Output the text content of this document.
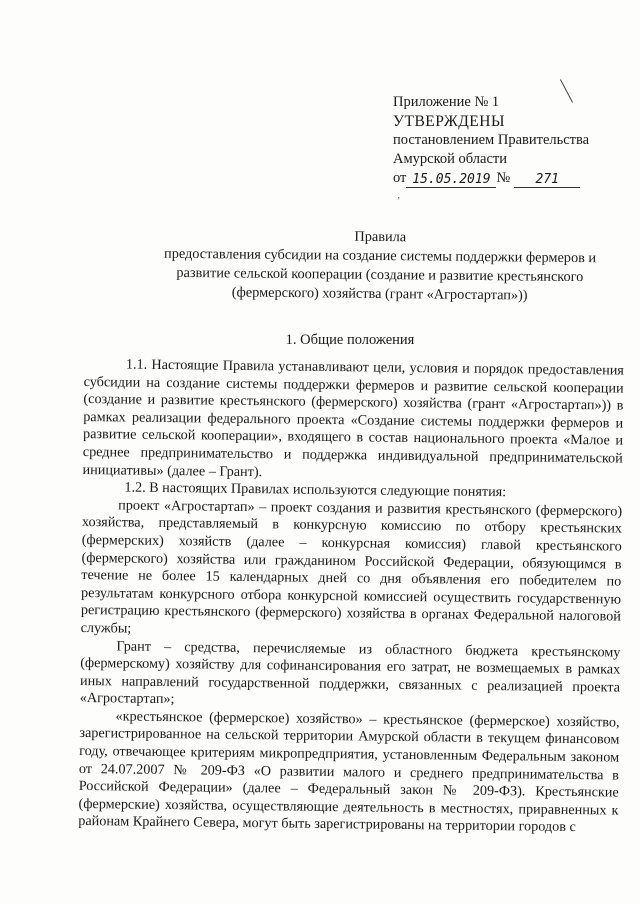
Приложение № 1
УТВЕРЖДЕНЫ
постановлением Правительства
Амурской области
от 15.05.2019 №	271
ʼ
Правила
предоставления субсидии на создание системы поддержки фермеров и
развитие сельской кооперации (создание и развитие крестьянского
(фермерского) хозяйства (грант «Агростартап»))
1. Общие положения

1.1. Настоящие Правила устанавливают цели, условия и порядок предоставления субсидии на создание системы поддержки фермеров и развитие сельской кооперации (создание и развитие крестьянского (фермерского) хозяйства (грант «Агростартап»)) в рамках реализации федерального проекта «Создание системы поддержки фермеров и развитие сельской кооперации», входящего в состав национального проекта «Малое и среднее предпринимательство и поддержка индивидуальной предпринимательской инициативы» (далее – Грант).

1.2. В настоящих Правилах используются следующие понятия:

проект «Агростартап» – проект создания и развития крестьянского (фермерского) хозяйства, представляемый в конкурсную комиссию по отбору крестьянских (фермерских) хозяйств (далее – конкурсная комиссия) главой крестьянского (фермерского) хозяйства или гражданином Российской Федерации, обязующимся в течение не более 15 календарных дней со дня объявления его победителем по результатам конкурсного отбора конкурсной комиссией осуществить государственную регистрацию крестьянского (фермерского) хозяйства в органах Федеральной налоговой службы;

Грант – средства, перечисляемые из областного бюджета крестьянскому (фермерскому) хозяйству для софинансирования его затрат, не возмещаемых в рамках иных направлений государственной поддержки, связанных с реализацией проекта «Агростартап»;

«крестьянское (фермерское) хозяйство» – крестьянское (фермерское) хозяйство, зарегистрированное на сельской территории Амурской области в текущем финансовом году, отвечающее критериям микропредприятия, установленным Федеральным законом от 24.07.2007 № 209-ФЗ «О развитии малого и среднего предпринимательства в Российской Федерации» (далее – Федеральный закон № 209-ФЗ). Крестьянские (фермерские) хозяйства, осуществляющие деятельность в местностях, приравненных к районам Крайнего Севера, могут быть зарегистрированы на территории городов с
